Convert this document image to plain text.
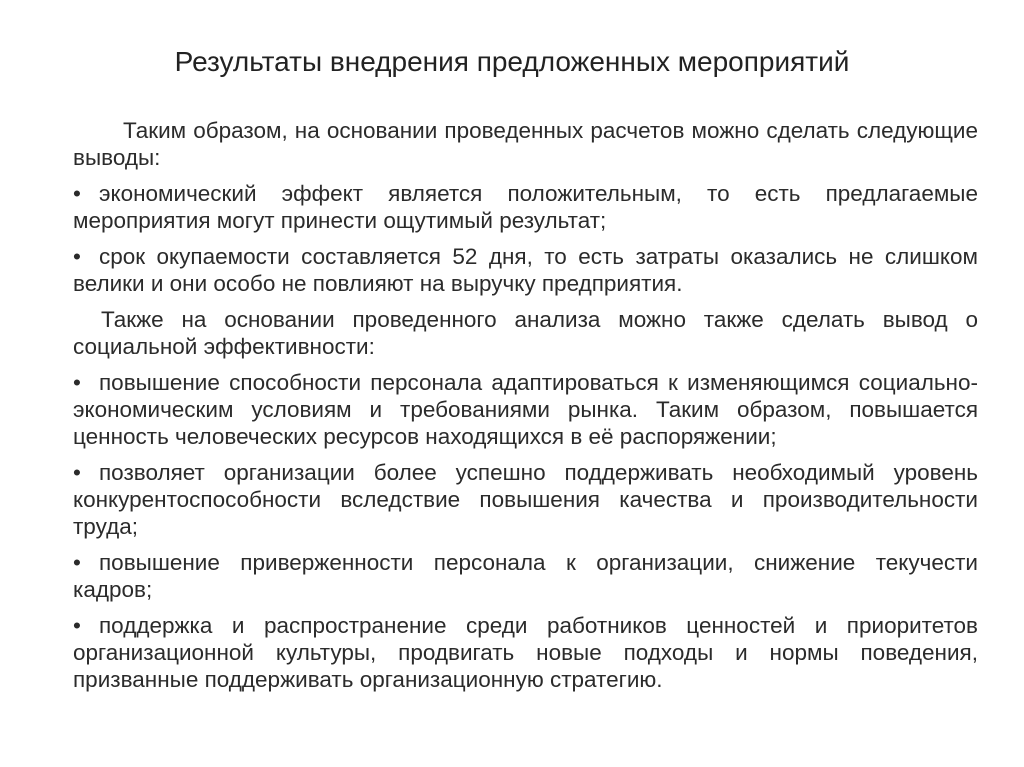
Результаты внедрения предложенных мероприятий

Таким образом, на основании проведенных расчетов можно сделать следующие выводы:

• экономический эффект является положительным, то есть предлагаемые мероприятия могут принести ощутимый результат;
• срок окупаемости составляется 52 дня, то есть затраты оказались не слишком велики и они особо не повлияют на выручку предприятия.

Также на основании проведенного анализа можно также сделать вывод о социальной эффективности:

• повышение способности персонала адаптироваться к изменяющимся социально-экономическим условиям и требованиями рынка. Таким образом, повышается ценность человеческих ресурсов находящихся в её распоряжении;
• позволяет организации более успешно поддерживать необходимый уровень конкурентоспособности вследствие повышения качества и производительности труда;
• повышение приверженности персонала к организации, снижение текучести кадров;
• поддержка и распространение среди работников ценностей и приоритетов организационной культуры, продвигать новые подходы и нормы поведения, призванные поддерживать организационную стратегию.
